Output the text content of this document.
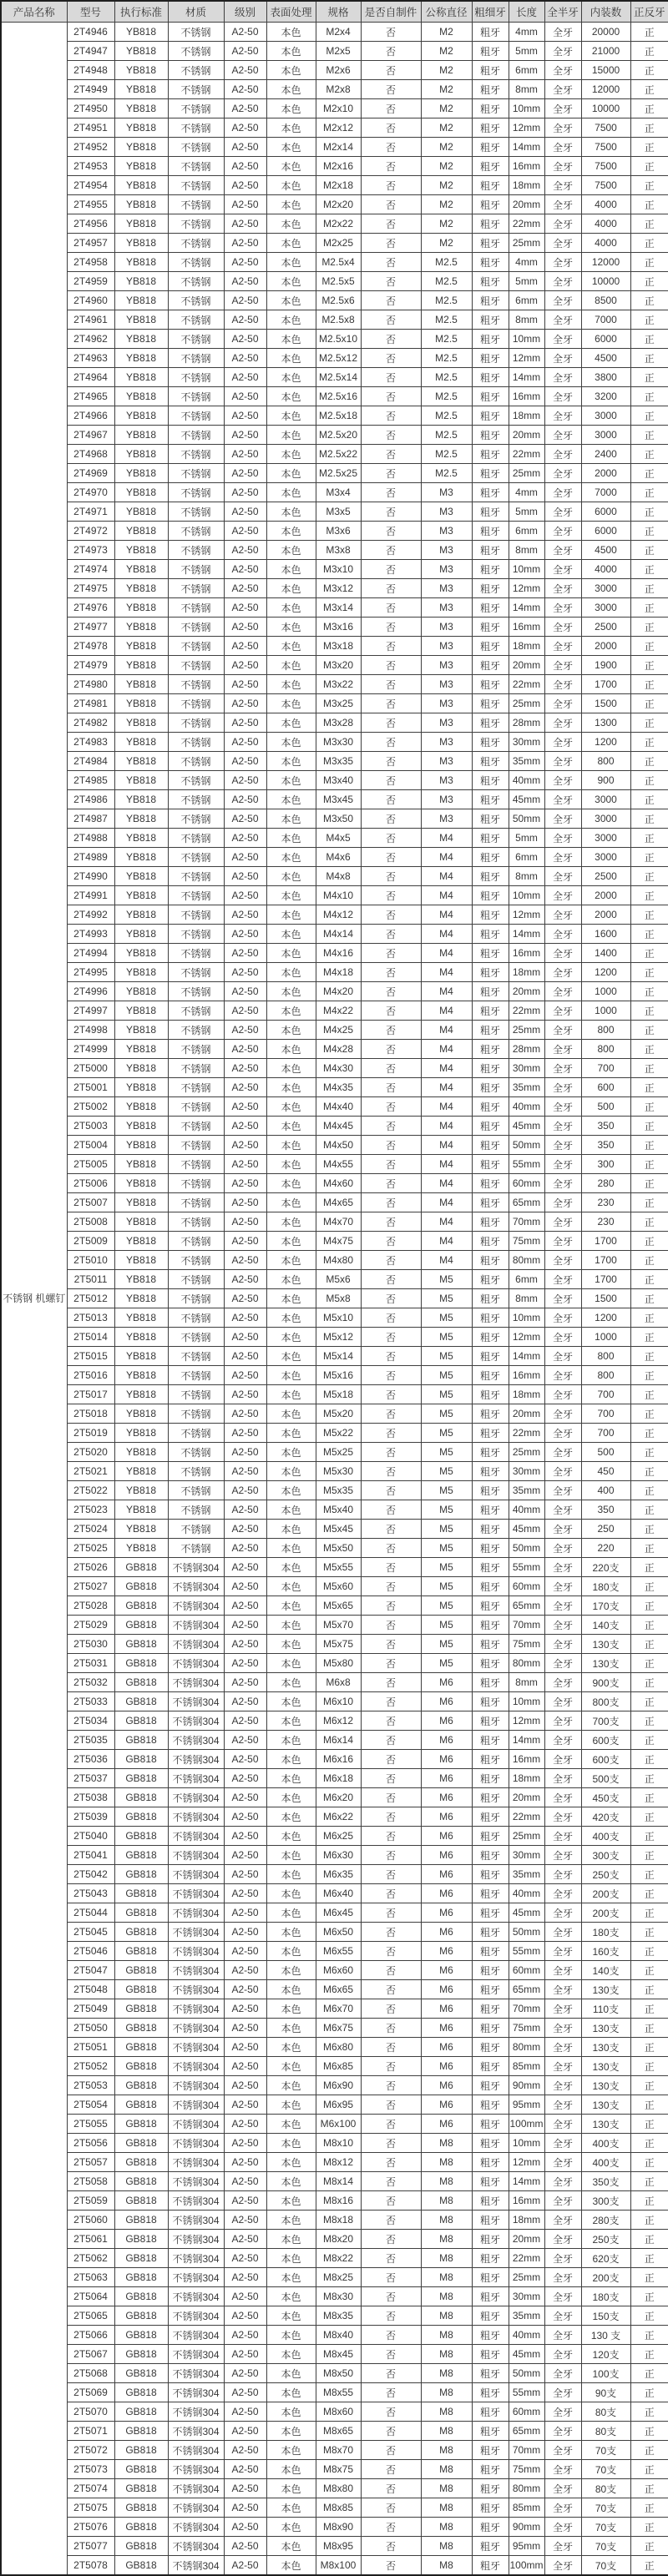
产品名称	型号	执行标准	材质	级别	表面处理	规格	是否自制件	公称直径	粗细牙	长度	全半牙	内装数	正反牙
不锈钢 机螺钉	2T4946	YB818	不锈钢	A2-50	本色	M2x4	否	M2	粗牙	4mm	全牙	20000	正
	2T4947	YB818	不锈钢	A2-50	本色	M2x5	否	M2	粗牙	5mm	全牙	21000	正
	2T4948	YB818	不锈钢	A2-50	本色	M2x6	否	M2	粗牙	6mm	全牙	15000	正
	2T4949	YB818	不锈钢	A2-50	本色	M2x8	否	M2	粗牙	8mm	全牙	12000	正
	2T4950	YB818	不锈钢	A2-50	本色	M2x10	否	M2	粗牙	10mm	全牙	10000	正
	2T4951	YB818	不锈钢	A2-50	本色	M2x12	否	M2	粗牙	12mm	全牙	7500	正
	2T4952	YB818	不锈钢	A2-50	本色	M2x14	否	M2	粗牙	14mm	全牙	7500	正
	2T4953	YB818	不锈钢	A2-50	本色	M2x16	否	M2	粗牙	16mm	全牙	7500	正
	2T4954	YB818	不锈钢	A2-50	本色	M2x18	否	M2	粗牙	18mm	全牙	7500	正
	2T4955	YB818	不锈钢	A2-50	本色	M2x20	否	M2	粗牙	20mm	全牙	4000	正
	2T4956	YB818	不锈钢	A2-50	本色	M2x22	否	M2	粗牙	22mm	全牙	4000	正
	2T4957	YB818	不锈钢	A2-50	本色	M2x25	否	M2	粗牙	25mm	全牙	4000	正
	2T4958	YB818	不锈钢	A2-50	本色	M2.5x4	否	M2.5	粗牙	4mm	全牙	12000	正
	2T4959	YB818	不锈钢	A2-50	本色	M2.5x5	否	M2.5	粗牙	5mm	全牙	10000	正
	2T4960	YB818	不锈钢	A2-50	本色	M2.5x6	否	M2.5	粗牙	6mm	全牙	8500	正
	2T4961	YB818	不锈钢	A2-50	本色	M2.5x8	否	M2.5	粗牙	8mm	全牙	7000	正
	2T4962	YB818	不锈钢	A2-50	本色	M2.5x10	否	M2.5	粗牙	10mm	全牙	6000	正
	2T4963	YB818	不锈钢	A2-50	本色	M2.5x12	否	M2.5	粗牙	12mm	全牙	4500	正
	2T4964	YB818	不锈钢	A2-50	本色	M2.5x14	否	M2.5	粗牙	14mm	全牙	3800	正
	2T4965	YB818	不锈钢	A2-50	本色	M2.5x16	否	M2.5	粗牙	16mm	全牙	3200	正
	2T4966	YB818	不锈钢	A2-50	本色	M2.5x18	否	M2.5	粗牙	18mm	全牙	3000	正
	2T4967	YB818	不锈钢	A2-50	本色	M2.5x20	否	M2.5	粗牙	20mm	全牙	3000	正
	2T4968	YB818	不锈钢	A2-50	本色	M2.5x22	否	M2.5	粗牙	22mm	全牙	2400	正
	2T4969	YB818	不锈钢	A2-50	本色	M2.5x25	否	M2.5	粗牙	25mm	全牙	2000	正
	2T4970	YB818	不锈钢	A2-50	本色	M3x4	否	M3	粗牙	4mm	全牙	7000	正
	2T4971	YB818	不锈钢	A2-50	本色	M3x5	否	M3	粗牙	5mm	全牙	6000	正
	2T4972	YB818	不锈钢	A2-50	本色	M3x6	否	M3	粗牙	6mm	全牙	6000	正
	2T4973	YB818	不锈钢	A2-50	本色	M3x8	否	M3	粗牙	8mm	全牙	4500	正
	2T4974	YB818	不锈钢	A2-50	本色	M3x10	否	M3	粗牙	10mm	全牙	4000	正
	2T4975	YB818	不锈钢	A2-50	本色	M3x12	否	M3	粗牙	12mm	全牙	3000	正
	2T4976	YB818	不锈钢	A2-50	本色	M3x14	否	M3	粗牙	14mm	全牙	3000	正
	2T4977	YB818	不锈钢	A2-50	本色	M3x16	否	M3	粗牙	16mm	全牙	2500	正
	2T4978	YB818	不锈钢	A2-50	本色	M3x18	否	M3	粗牙	18mm	全牙	2000	正
	2T4979	YB818	不锈钢	A2-50	本色	M3x20	否	M3	粗牙	20mm	全牙	1900	正
	2T4980	YB818	不锈钢	A2-50	本色	M3x22	否	M3	粗牙	22mm	全牙	1700	正
	2T4981	YB818	不锈钢	A2-50	本色	M3x25	否	M3	粗牙	25mm	全牙	1500	正
	2T4982	YB818	不锈钢	A2-50	本色	M3x28	否	M3	粗牙	28mm	全牙	1300	正
	2T4983	YB818	不锈钢	A2-50	本色	M3x30	否	M3	粗牙	30mm	全牙	1200	正
	2T4984	YB818	不锈钢	A2-50	本色	M3x35	否	M3	粗牙	35mm	全牙	800	正
	2T4985	YB818	不锈钢	A2-50	本色	M3x40	否	M3	粗牙	40mm	全牙	900	正
	2T4986	YB818	不锈钢	A2-50	本色	M3x45	否	M3	粗牙	45mm	全牙	3000	正
	2T4987	YB818	不锈钢	A2-50	本色	M3x50	否	M3	粗牙	50mm	全牙	3000	正
	2T4988	YB818	不锈钢	A2-50	本色	M4x5	否	M4	粗牙	5mm	全牙	3000	正
	2T4989	YB818	不锈钢	A2-50	本色	M4x6	否	M4	粗牙	6mm	全牙	3000	正
	2T4990	YB818	不锈钢	A2-50	本色	M4x8	否	M4	粗牙	8mm	全牙	2500	正
	2T4991	YB818	不锈钢	A2-50	本色	M4x10	否	M4	粗牙	10mm	全牙	2000	正
	2T4992	YB818	不锈钢	A2-50	本色	M4x12	否	M4	粗牙	12mm	全牙	2000	正
	2T4993	YB818	不锈钢	A2-50	本色	M4x14	否	M4	粗牙	14mm	全牙	1600	正
	2T4994	YB818	不锈钢	A2-50	本色	M4x16	否	M4	粗牙	16mm	全牙	1400	正
	2T4995	YB818	不锈钢	A2-50	本色	M4x18	否	M4	粗牙	18mm	全牙	1200	正
	2T4996	YB818	不锈钢	A2-50	本色	M4x20	否	M4	粗牙	20mm	全牙	1000	正
	2T4997	YB818	不锈钢	A2-50	本色	M4x22	否	M4	粗牙	22mm	全牙	1000	正
	2T4998	YB818	不锈钢	A2-50	本色	M4x25	否	M4	粗牙	25mm	全牙	800	正
	2T4999	YB818	不锈钢	A2-50	本色	M4x28	否	M4	粗牙	28mm	全牙	800	正
	2T5000	YB818	不锈钢	A2-50	本色	M4x30	否	M4	粗牙	30mm	全牙	700	正
	2T5001	YB818	不锈钢	A2-50	本色	M4x35	否	M4	粗牙	35mm	全牙	600	正
	2T5002	YB818	不锈钢	A2-50	本色	M4x40	否	M4	粗牙	40mm	全牙	500	正
	2T5003	YB818	不锈钢	A2-50	本色	M4x45	否	M4	粗牙	45mm	全牙	350	正
	2T5004	YB818	不锈钢	A2-50	本色	M4x50	否	M4	粗牙	50mm	全牙	350	正
	2T5005	YB818	不锈钢	A2-50	本色	M4x55	否	M4	粗牙	55mm	全牙	300	正
	2T5006	YB818	不锈钢	A2-50	本色	M4x60	否	M4	粗牙	60mm	全牙	280	正
	2T5007	YB818	不锈钢	A2-50	本色	M4x65	否	M4	粗牙	65mm	全牙	230	正
	2T5008	YB818	不锈钢	A2-50	本色	M4x70	否	M4	粗牙	70mm	全牙	230	正
	2T5009	YB818	不锈钢	A2-50	本色	M4x75	否	M4	粗牙	75mm	全牙	1700	正
	2T5010	YB818	不锈钢	A2-50	本色	M4x80	否	M4	粗牙	80mm	全牙	1700	正
	2T5011	YB818	不锈钢	A2-50	本色	M5x6	否	M5	粗牙	6mm	全牙	1700	正
	2T5012	YB818	不锈钢	A2-50	本色	M5x8	否	M5	粗牙	8mm	全牙	1500	正
	2T5013	YB818	不锈钢	A2-50	本色	M5x10	否	M5	粗牙	10mm	全牙	1200	正
	2T5014	YB818	不锈钢	A2-50	本色	M5x12	否	M5	粗牙	12mm	全牙	1000	正
	2T5015	YB818	不锈钢	A2-50	本色	M5x14	否	M5	粗牙	14mm	全牙	800	正
	2T5016	YB818	不锈钢	A2-50	本色	M5x16	否	M5	粗牙	16mm	全牙	800	正
	2T5017	YB818	不锈钢	A2-50	本色	M5x18	否	M5	粗牙	18mm	全牙	700	正
	2T5018	YB818	不锈钢	A2-50	本色	M5x20	否	M5	粗牙	20mm	全牙	700	正
	2T5019	YB818	不锈钢	A2-50	本色	M5x22	否	M5	粗牙	22mm	全牙	700	正
	2T5020	YB818	不锈钢	A2-50	本色	M5x25	否	M5	粗牙	25mm	全牙	500	正
	2T5021	YB818	不锈钢	A2-50	本色	M5x30	否	M5	粗牙	30mm	全牙	450	正
	2T5022	YB818	不锈钢	A2-50	本色	M5x35	否	M5	粗牙	35mm	全牙	400	正
	2T5023	YB818	不锈钢	A2-50	本色	M5x40	否	M5	粗牙	40mm	全牙	350	正
	2T5024	YB818	不锈钢	A2-50	本色	M5x45	否	M5	粗牙	45mm	全牙	250	正
	2T5025	YB818	不锈钢	A2-50	本色	M5x50	否	M5	粗牙	50mm	全牙	220	正
	2T5026	GB818	不锈钢304	A2-50	本色	M5x55	否	M5	粗牙	55mm	全牙	220支	正
	2T5027	GB818	不锈钢304	A2-50	本色	M5x60	否	M5	粗牙	60mm	全牙	180支	正
	2T5028	GB818	不锈钢304	A2-50	本色	M5x65	否	M5	粗牙	65mm	全牙	170支	正
	2T5029	GB818	不锈钢304	A2-50	本色	M5x70	否	M5	粗牙	70mm	全牙	140支	正
	2T5030	GB818	不锈钢304	A2-50	本色	M5x75	否	M5	粗牙	75mm	全牙	130支	正
	2T5031	GB818	不锈钢304	A2-50	本色	M5x80	否	M5	粗牙	80mm	全牙	130支	正
	2T5032	GB818	不锈钢304	A2-50	本色	M6x8	否	M6	粗牙	8mm	全牙	900支	正
	2T5033	GB818	不锈钢304	A2-50	本色	M6x10	否	M6	粗牙	10mm	全牙	800支	正
	2T5034	GB818	不锈钢304	A2-50	本色	M6x12	否	M6	粗牙	12mm	全牙	700支	正
	2T5035	GB818	不锈钢304	A2-50	本色	M6x14	否	M6	粗牙	14mm	全牙	600支	正
	2T5036	GB818	不锈钢304	A2-50	本色	M6x16	否	M6	粗牙	16mm	全牙	600支	正
	2T5037	GB818	不锈钢304	A2-50	本色	M6x18	否	M6	粗牙	18mm	全牙	500支	正
	2T5038	GB818	不锈钢304	A2-50	本色	M6x20	否	M6	粗牙	20mm	全牙	450支	正
	2T5039	GB818	不锈钢304	A2-50	本色	M6x22	否	M6	粗牙	22mm	全牙	420支	正
	2T5040	GB818	不锈钢304	A2-50	本色	M6x25	否	M6	粗牙	25mm	全牙	400支	正
	2T5041	GB818	不锈钢304	A2-50	本色	M6x30	否	M6	粗牙	30mm	全牙	300支	正
	2T5042	GB818	不锈钢304	A2-50	本色	M6x35	否	M6	粗牙	35mm	全牙	250支	正
	2T5043	GB818	不锈钢304	A2-50	本色	M6x40	否	M6	粗牙	40mm	全牙	200支	正
	2T5044	GB818	不锈钢304	A2-50	本色	M6x45	否	M6	粗牙	45mm	全牙	200支	正
	2T5045	GB818	不锈钢304	A2-50	本色	M6x50	否	M6	粗牙	50mm	全牙	180支	正
	2T5046	GB818	不锈钢304	A2-50	本色	M6x55	否	M6	粗牙	55mm	全牙	160支	正
	2T5047	GB818	不锈钢304	A2-50	本色	M6x60	否	M6	粗牙	60mm	全牙	140支	正
	2T5048	GB818	不锈钢304	A2-50	本色	M6x65	否	M6	粗牙	65mm	全牙	130支	正
	2T5049	GB818	不锈钢304	A2-50	本色	M6x70	否	M6	粗牙	70mm	全牙	110支	正
	2T5050	GB818	不锈钢304	A2-50	本色	M6x75	否	M6	粗牙	75mm	全牙	130支	正
	2T5051	GB818	不锈钢304	A2-50	本色	M6x80	否	M6	粗牙	80mm	全牙	130支	正
	2T5052	GB818	不锈钢304	A2-50	本色	M6x85	否	M6	粗牙	85mm	全牙	130支	正
	2T5053	GB818	不锈钢304	A2-50	本色	M6x90	否	M6	粗牙	90mm	全牙	130支	正
	2T5054	GB818	不锈钢304	A2-50	本色	M6x95	否	M6	粗牙	95mm	全牙	130支	正
	2T5055	GB818	不锈钢304	A2-50	本色	M6x100	否	M6	粗牙	100mm	全牙	130支	正
	2T5056	GB818	不锈钢304	A2-50	本色	M8x10	否	M8	粗牙	10mm	全牙	400支	正
	2T5057	GB818	不锈钢304	A2-50	本色	M8x12	否	M8	粗牙	12mm	全牙	400支	正
	2T5058	GB818	不锈钢304	A2-50	本色	M8x14	否	M8	粗牙	14mm	全牙	350支	正
	2T5059	GB818	不锈钢304	A2-50	本色	M8x16	否	M8	粗牙	16mm	全牙	300支	正
	2T5060	GB818	不锈钢304	A2-50	本色	M8x18	否	M8	粗牙	18mm	全牙	280支	正
	2T5061	GB818	不锈钢304	A2-50	本色	M8x20	否	M8	粗牙	20mm	全牙	250支	正
	2T5062	GB818	不锈钢304	A2-50	本色	M8x22	否	M8	粗牙	22mm	全牙	620支	正
	2T5063	GB818	不锈钢304	A2-50	本色	M8x25	否	M8	粗牙	25mm	全牙	200支	正
	2T5064	GB818	不锈钢304	A2-50	本色	M8x30	否	M8	粗牙	30mm	全牙	180支	正
	2T5065	GB818	不锈钢304	A2-50	本色	M8x35	否	M8	粗牙	35mm	全牙	150支	正
	2T5066	GB818	不锈钢304	A2-50	本色	M8x40	否	M8	粗牙	40mm	全牙	130 支	正
	2T5067	GB818	不锈钢304	A2-50	本色	M8x45	否	M8	粗牙	45mm	全牙	120支	正
	2T5068	GB818	不锈钢304	A2-50	本色	M8x50	否	M8	粗牙	50mm	全牙	100支	正
	2T5069	GB818	不锈钢304	A2-50	本色	M8x55	否	M8	粗牙	55mm	全牙	90支	正
	2T5070	GB818	不锈钢304	A2-50	本色	M8x60	否	M8	粗牙	60mm	全牙	80支	正
	2T5071	GB818	不锈钢304	A2-50	本色	M8x65	否	M8	粗牙	65mm	全牙	80支	正
	2T5072	GB818	不锈钢304	A2-50	本色	M8x70	否	M8	粗牙	70mm	全牙	70支	正
	2T5073	GB818	不锈钢304	A2-50	本色	M8x75	否	M8	粗牙	75mm	全牙	70支	正
	2T5074	GB818	不锈钢304	A2-50	本色	M8x80	否	M8	粗牙	80mm	全牙	80支	正
	2T5075	GB818	不锈钢304	A2-50	本色	M8x85	否	M8	粗牙	85mm	全牙	70支	正
	2T5076	GB818	不锈钢304	A2-50	本色	M8x90	否	M8	粗牙	90mm	全牙	70支	正
	2T5077	GB818	不锈钢304	A2-50	本色	M8x95	否	M8	粗牙	95mm	全牙	70支	正
	2T5078	GB818	不锈钢304	A2-50	本色	M8x100	否	M8	粗牙	100mm	全牙	70支	正
